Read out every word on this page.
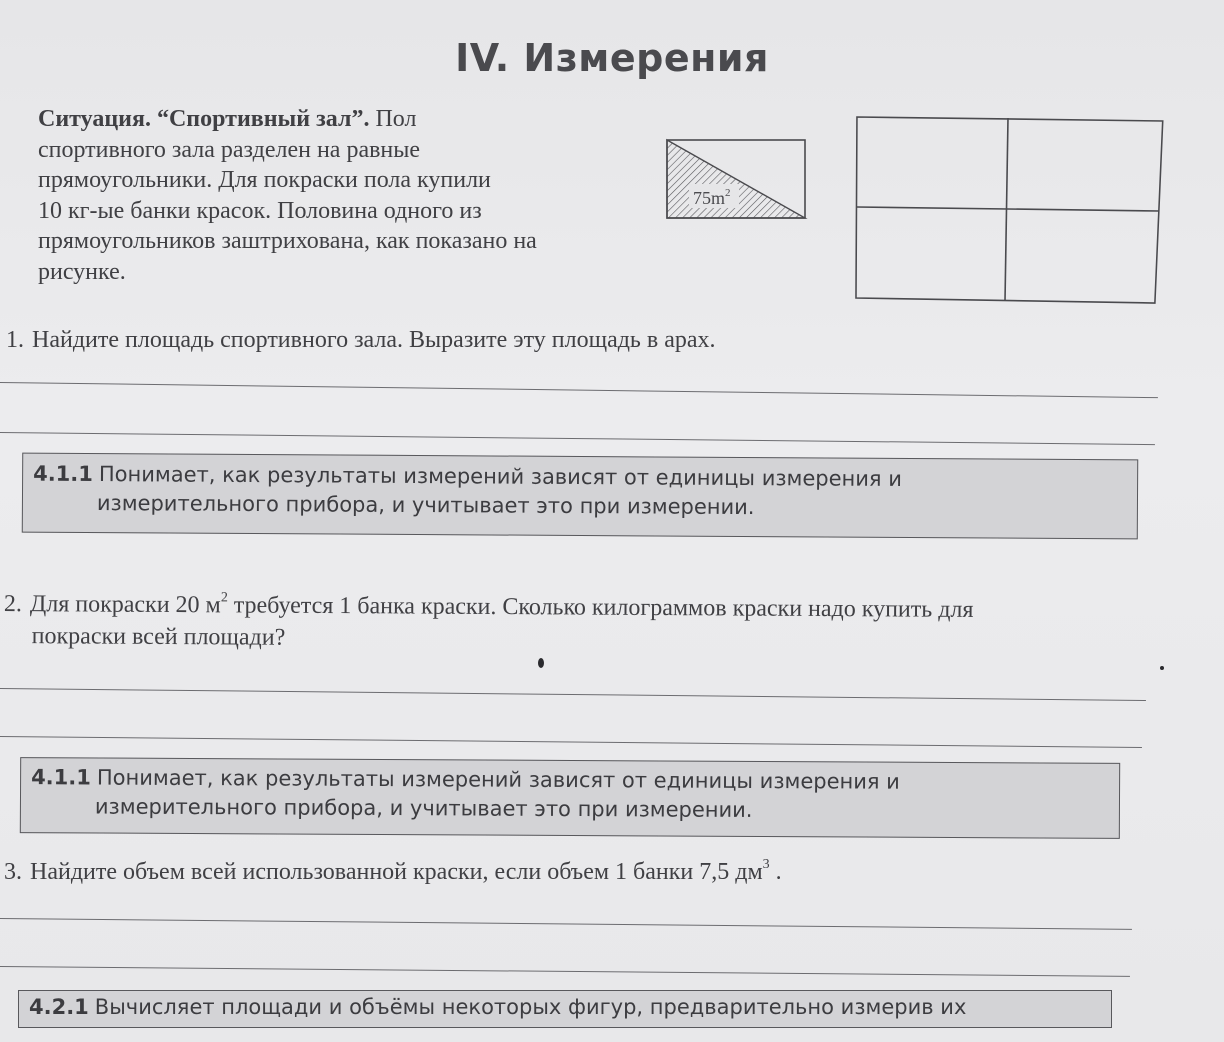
IV. Измерения
Ситуация. “Спортивный зал”. Пол
спортивного зала разделен на равные
прямоугольники. Для покраски пола купили
10 кг-ые банки красок. Половина одного из
прямоугольников заштрихована, как показано на
рисунке.
$75m^2$
1. Найдите площадь спортивного зала. Выразите эту площадь в арах.
4.1.1 Понимает, как результаты измерений зависят от единицы измерения и
измерительного прибора, и учитывает это при измерении.
2. Для покраски 20 $м^2$ требуется 1 банка краски. Сколько килограммов краски надо купить для
покраски всей площади?
4.1.1 Понимает, как результаты измерений зависят от единицы измерения и
измерительного прибора, и учитывает это при измерении.
3. Найдите объем всей использованной краски, если объем 1 банки 7,5 $дм^3$ .
4.2.1 Вычисляет площади и объёмы некоторых фигур, предварительно измерив их
